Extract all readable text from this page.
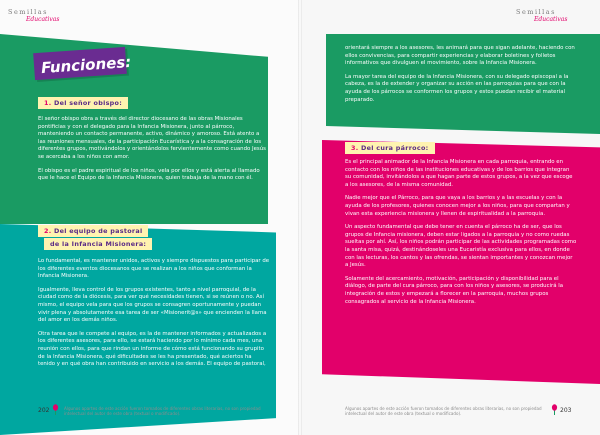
Semillas
Educativas
Funciones:
1. Del señor obispo:

El señor obispo obra a través del director diocesano de las obras Misionales pontificias y con el delegado para la Infancia Misionera, junto al párroco, manteniendo un contacto permanente, activo, dinámico y amoroso. Está atento a las reuniones mensuales, de la participación Eucarística y a la consagración de los diferentes grupos, motivándolos y orientándolos fervientemente como cuando Jesús se acercaba a los niños con amor.

El obispo es el padre espiritual de los niños, vela por ellos y está alerta al llamado que le hace el Equipo de la Infancia Misionera, quien trabaja de la mano con él.

2. Del equipo de pastoral
de la Infancia Misionera:

Lo fundamental, es mantener unidos, activos y siempre dispuestos para participar de los diferentes eventos diocesanos que se realizan a los niños que conforman la Infancia Misionera.

Igualmente, lleva control de los grupos existentes, tanto a nivel parroquial, de la ciudad como de la diócesis, para ver qué necesidades tienen, si se reúnen o no. Así mismo, el equipo vela para que los grupos se consagren oportunamente y puedan vivir plena y absolutamente esa tarea de ser «Misionerit@s» que encienden la llama del amor en los demás niños.

Otra tarea que le compete al equipo, es la de mantener informados y actualizados a los diferentes asesores, para ello, se estará haciendo por lo mínimo cada mes, una reunión con ellos, para que rindan un informe de cómo está funcionando su grupito de la Infancia Misionera, qué dificultades se les ha presentado, qué aciertos ha tenido y en qué obra han contribuido en servicio a los demás. El equipo de pastoral,

202	Algunos apartes de este acción fueron tomados de diferentes obras literarias, no son propiedad intelectual del autor de este obra (textual o modificado).
Semillas
Educativas

orientará siempre a los asesores, les animará para que sigan adelante, haciendo con ellos convivencias, para compartir experiencias y elaborar boletines y folletos informativos que divulguen el movimiento, sobre la Infancia Misionera.

La mayor tarea del equipo de la Infancia Misionera, con su delegado episcopal a la cabeza, es la de extender y organizar su acción en las parroquias para que con la ayuda de los párrocos se conformen los grupos y estos puedan recibir el material preparado.

3. Del cura párroco:

Es el principal animador de la Infancia Misionera en cada parroquia, entrando en contacto con los niños de las instituciones educativas y de los barrios que integran su comunidad, invitándolos a que hagan parte de estos grupos, a la vez que escoge a los asesores, de la misma comunidad.

Nadie mejor que el Párroco, para que vaya a los barrios y a las escuelas y con la ayuda de los profesores, quienes conocen mejor a los niños, para que compartan y vivan esta experiencia misionera y llenen de espiritualidad a la parroquia.

Un aspecto fundamental que debe tener en cuenta el párroco ha de ser, que los grupos de Infancia misionera, deben estar ligados a la parroquia y no como ruedas sueltas por ahí. Así, los niños podrán participar de las actividades programadas como la santa misa, quizá, destinándoseles una Eucaristía exclusiva para ellos, en donde con las lecturas, los cantos y las ofrendas, se sientan importantes y conozcan mejor a Jesús.

Solamente del acercamiento, motivación, participación y disponibilidad para el diálogo, de parte del cura párroco, para con los niños y asesores, se producirá la integración de estos y empezará a florecer en la parroquia, muchos grupos consagrados al servicio de la Infancia Misionera.

Algunos apartes de este acción fueron tomados de diferentes obras literarias, no son propiedad intelectual del autor de este obra (textual o modificado).	203
